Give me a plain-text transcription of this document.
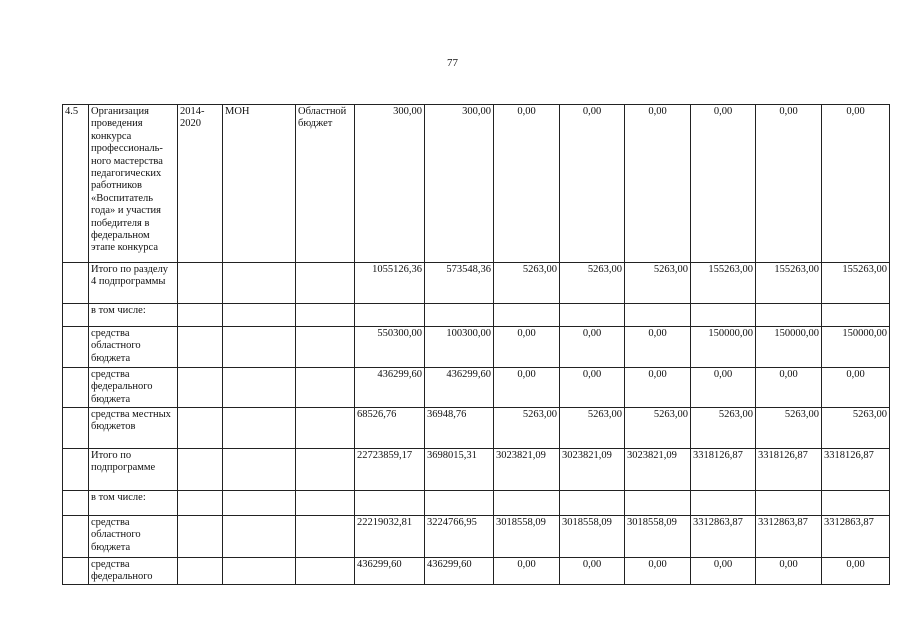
77
4.5	Организация проведения конкурса профессиональ-ного мастерства педагогических работников «Воспитатель года» и участия победителя в федеральном этапе конкурса	2014-2020	МОН	Областной бюджет	300,00	300,00	0,00	0,00	0,00	0,00	0,00	0,00
	Итого по разделу 4 подпрограммы				1055126,36	573548,36	5263,00	5263,00	5263,00	155263,00	155263,00	155263,00
	в том числе:											
	средства областного бюджета				550300,00	100300,00	0,00	0,00	0,00	150000,00	150000,00	150000,00
	средства федерального бюджета				436299,60	436299,60	0,00	0,00	0,00	0,00	0,00	0,00
	средства местных бюджетов				68526,76	36948,76	5263,00	5263,00	5263,00	5263,00	5263,00	5263,00
	Итого по подпрограмме				22723859,17	3698015,31	3023821,09	3023821,09	3023821,09	3318126,87	3318126,87	3318126,87
	в том числе:											
	средства областного бюджета				22219032,81	3224766,95	3018558,09	3018558,09	3018558,09	3312863,87	3312863,87	3312863,87
	средства федерального				436299,60	436299,60	0,00	0,00	0,00	0,00	0,00	0,00
